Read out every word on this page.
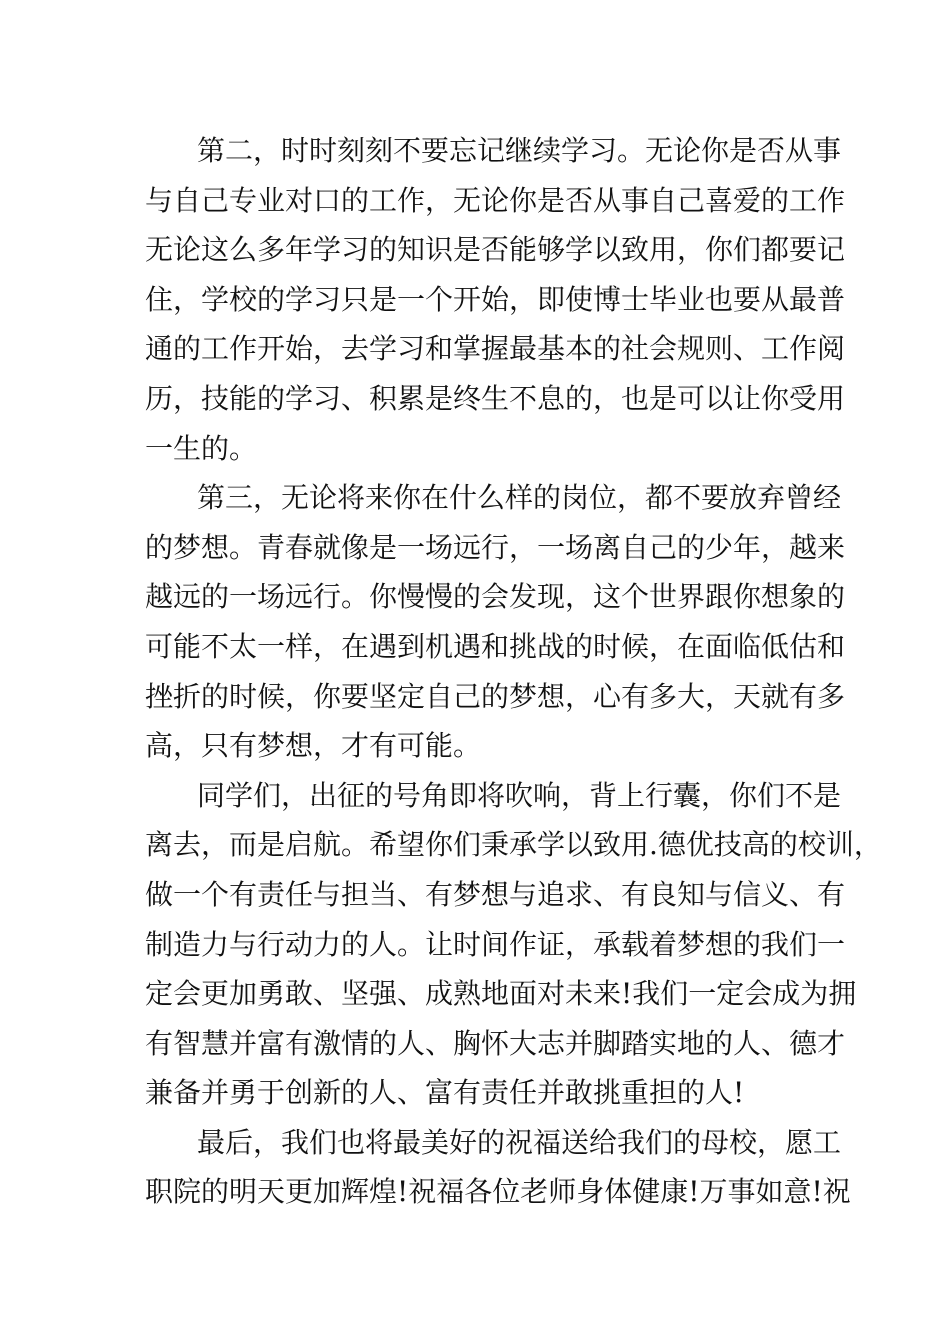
第二，时时刻刻不要忘记继续学习。无论你是否从事
与自己专业对口的工作，无论你是否从事自己喜爱的工作
无论这么多年学习的知识是否能够学以致用，你们都要记
住，学校的学习只是一个开始，即使博士毕业也要从最普
通的工作开始，去学习和掌握最基本的社会规则、工作阅
历，技能的学习、积累是终生不息的，也是可以让你受用
一生的。
第三，无论将来你在什么样的岗位，都不要放弃曾经
的梦想。青春就像是一场远行，一场离自己的少年，越来
越远的一场远行。你慢慢的会发现，这个世界跟你想象的
可能不太一样，在遇到机遇和挑战的时候，在面临低估和
挫折的时候，你要坚定自己的梦想，心有多大，天就有多
高，只有梦想，才有可能。
同学们，出征的号角即将吹响，背上行囊，你们不是
离去，而是启航。希望你们秉承学以致用.德优技高的校训，
做一个有责任与担当、有梦想与追求、有良知与信义、有
制造力与行动力的人。让时间作证，承载着梦想的我们一
定会更加勇敢、坚强、成熟地面对未来!我们一定会成为拥
有智慧并富有激情的人、胸怀大志并脚踏实地的人、德才
兼备并勇于创新的人、富有责任并敢挑重担的人!
最后，我们也将最美好的祝福送给我们的母校，愿工
职院的明天更加辉煌!祝福各位老师身体健康!万事如意!祝
